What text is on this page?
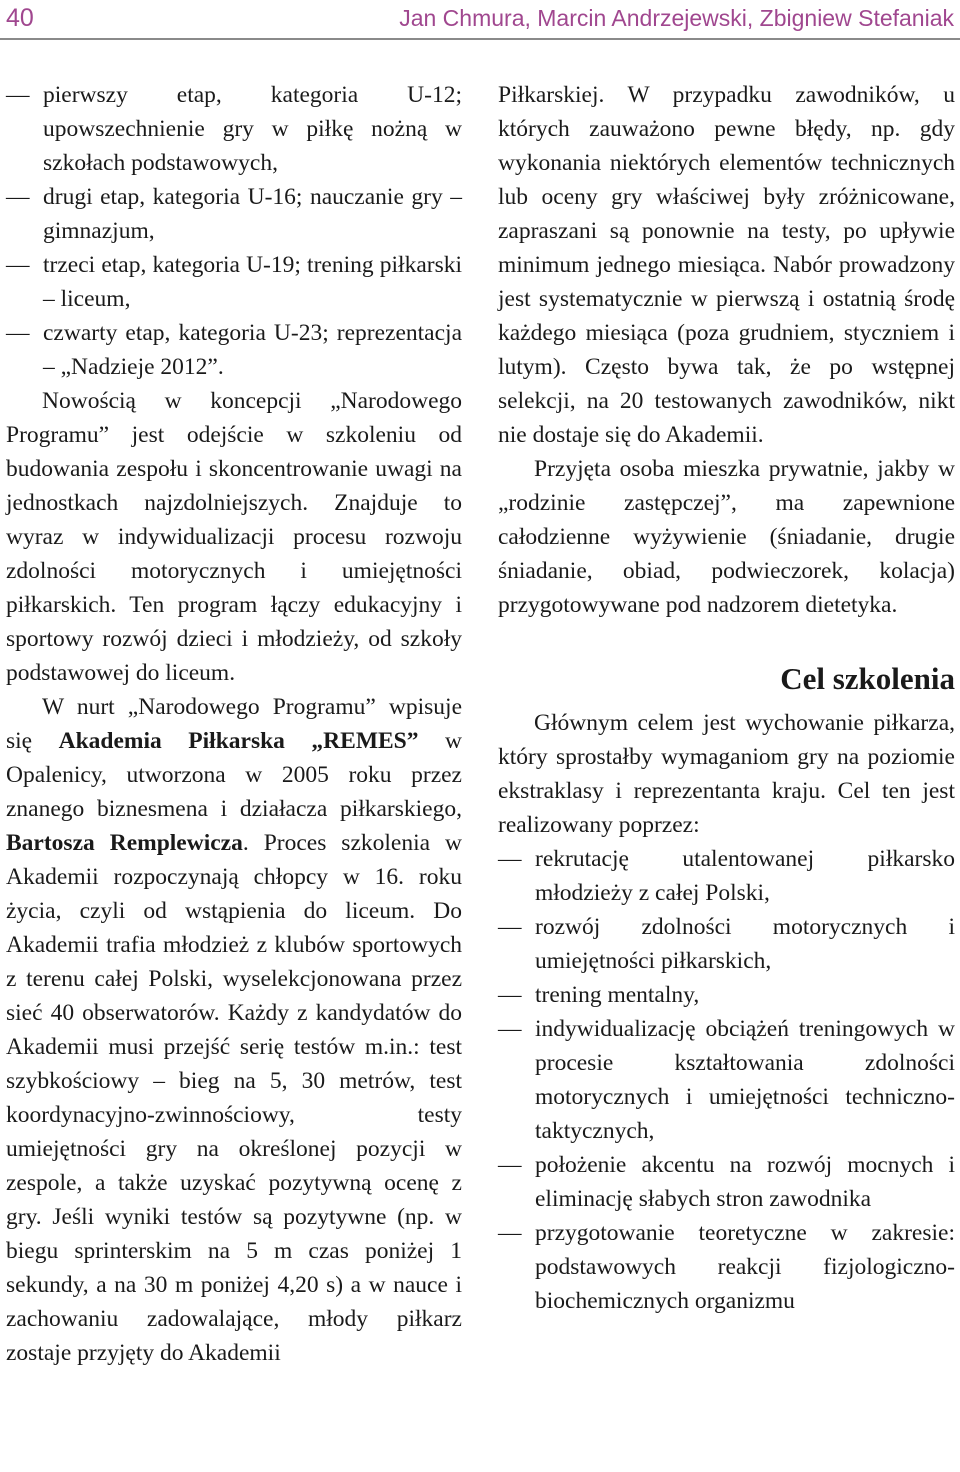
40	Jan Chmura, Marcin Andrzejewski, Zbigniew Stefaniak
— pierwszy etap, kategoria U-12; upowszechnienie gry w piłkę nożną w szkołach podstawowych,
— drugi etap, kategoria U-16; nauczanie gry – gimnazjum,
— trzeci etap, kategoria U-19; trening piłkarski – liceum,
— czwarty etap, kategoria U-23; reprezentacja – „Nadzieje 2012”.

Nowością w koncepcji „Narodowego Programu” jest odejście w szkoleniu od budowania zespołu i skoncentrowanie uwagi na jednostkach najzdolniejszych. Znajduje to wyraz w indywidualizacji procesu rozwoju zdolności motorycznych i umiejętności piłkarskich. Ten program łączy edukacyjny i sportowy rozwój dzieci i młodzieży, od szkoły podstawowej do liceum.

W nurt „Narodowego Programu” wpisuje się Akademia Piłkarska „REMES” w Opalenicy, utworzona w 2005 roku przez znanego biznesmena i działacza piłkarskiego, Bartosza Remplewicza. Proces szkolenia w Akademii rozpoczynają chłopcy w 16. roku życia, czyli od wstąpienia do liceum. Do Akademii trafia młodzież z klubów sportowych z terenu całej Polski, wyselekcjonowana przez sieć 40 obserwatorów. Każdy z kandydatów do Akademii musi przejść serię testów m.in.: test szybkościowy – bieg na 5, 30 metrów, test koordynacyjno-zwinnościowy, testy umiejętności gry na określonej pozycji w zespole, a także uzyskać pozytywną ocenę z gry. Jeśli wyniki testów są pozytywne (np. w biegu sprinterskim na 5 m czas poniżej 1 sekundy, a na 30 m poniżej 4,20 s) a w nauce i zachowaniu zadowalające, młody piłkarz zostaje przyjęty do Akademii

Piłkarskiej. W przypadku zawodników, u których zauważono pewne błędy, np. gdy wykonania niektórych elementów technicznych lub oceny gry właściwej były zróżnicowane, zapraszani są ponownie na testy, po upływie minimum jednego miesiąca. Nabór prowadzony jest systematycznie w pierwszą i ostatnią środę każdego miesiąca (poza grudniem, styczniem i lutym). Często bywa tak, że po wstępnej selekcji, na 20 testowanych zawodników, nikt nie dostaje się do Akademii.

Przyjęta osoba mieszka prywatnie, jakby w „rodzinie zastępczej”, ma zapewnione całodzienne wyżywienie (śniadanie, drugie śniadanie, obiad, podwieczorek, kolacja) przygotowywane pod nadzorem dietetyka.

Cel szkolenia

Głównym celem jest wychowanie piłkarza, który sprostałby wymaganiom gry na poziomie ekstraklasy i reprezentanta kraju. Cel ten jest realizowany poprzez:

— rekrutację utalentowanej piłkarsko młodzieży z całej Polski,
— rozwój zdolności motorycznych i umiejętności piłkarskich,
— trening mentalny,
— indywidualizację obciążeń treningowych w procesie kształtowania zdolności motorycznych i umiejętności techniczno-taktycznych,
— położenie akcentu na rozwój mocnych i eliminację słabych stron zawodnika
— przygotowanie teoretyczne w zakresie: podstawowych reakcji fizjologiczno-biochemicznych organizmu
